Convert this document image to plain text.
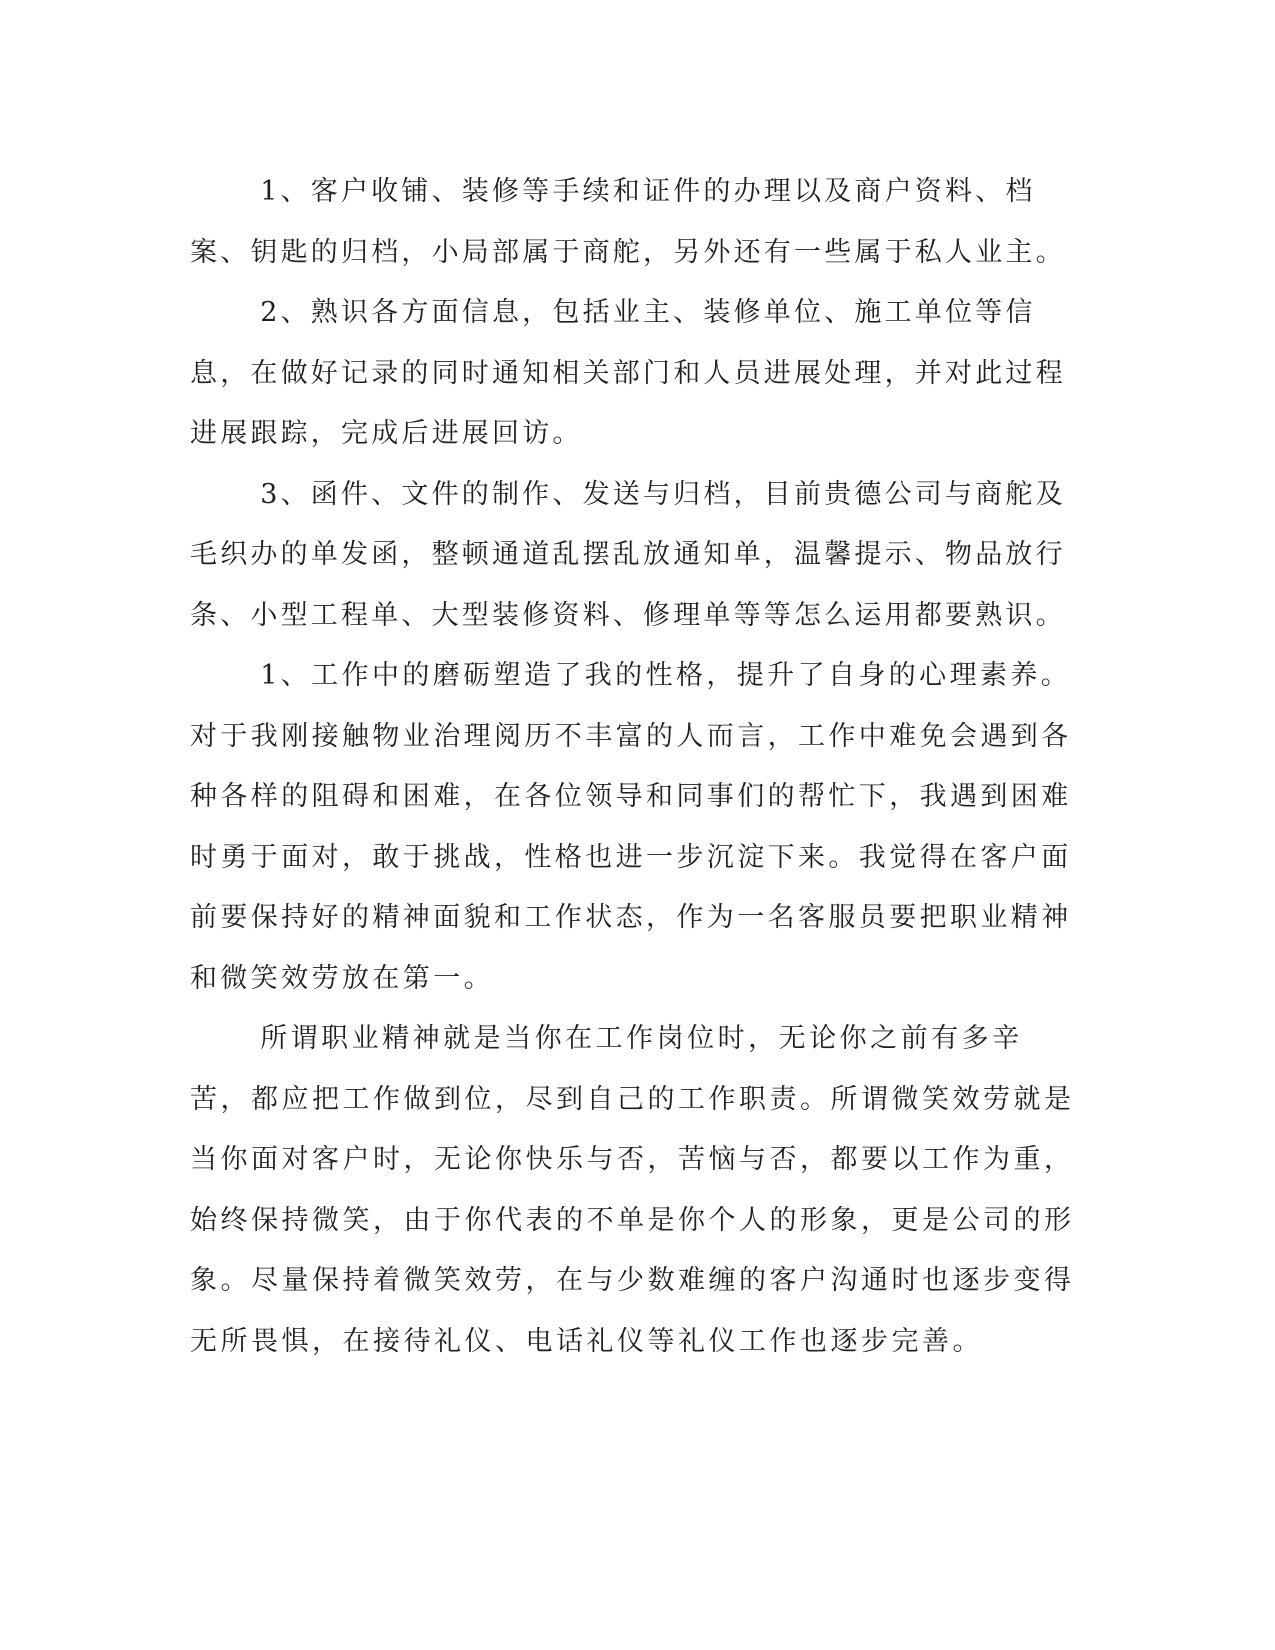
1、客户收铺、装修等手续和证件的办理以及商户资料、档案、钥匙的归档，小局部属于商舵，另外还有一些属于私人业主。

2、熟识各方面信息，包括业主、装修单位、施工单位等信息，在做好记录的同时通知相关部门和人员进展处理，并对此过程进展跟踪，完成后进展回访。

3、函件、文件的制作、发送与归档，目前贵德公司与商舵及毛织办的单发函，整顿通道乱摆乱放通知单，温馨提示、物品放行条、小型工程单、大型装修资料、修理单等等怎么运用都要熟识。

1、工作中的磨砺塑造了我的性格，提升了自身的心理素养。对于我刚接触物业治理阅历不丰富的人而言，工作中难免会遇到各种各样的阻碍和困难，在各位领导和同事们的帮忙下，我遇到困难时勇于面对，敢于挑战，性格也进一步沉淀下来。我觉得在客户面前要保持好的精神面貌和工作状态，作为一名客服员要把职业精神和微笑效劳放在第一。

所谓职业精神就是当你在工作岗位时，无论你之前有多辛苦，都应把工作做到位，尽到自己的工作职责。所谓微笑效劳就是当你面对客户时，无论你快乐与否，苦恼与否，都要以工作为重，始终保持微笑，由于你代表的不单是你个人的形象，更是公司的形象。尽量保持着微笑效劳，在与少数难缠的客户沟通时也逐步变得无所畏惧，在接待礼仪、电话礼仪等礼仪工作也逐步完善。
